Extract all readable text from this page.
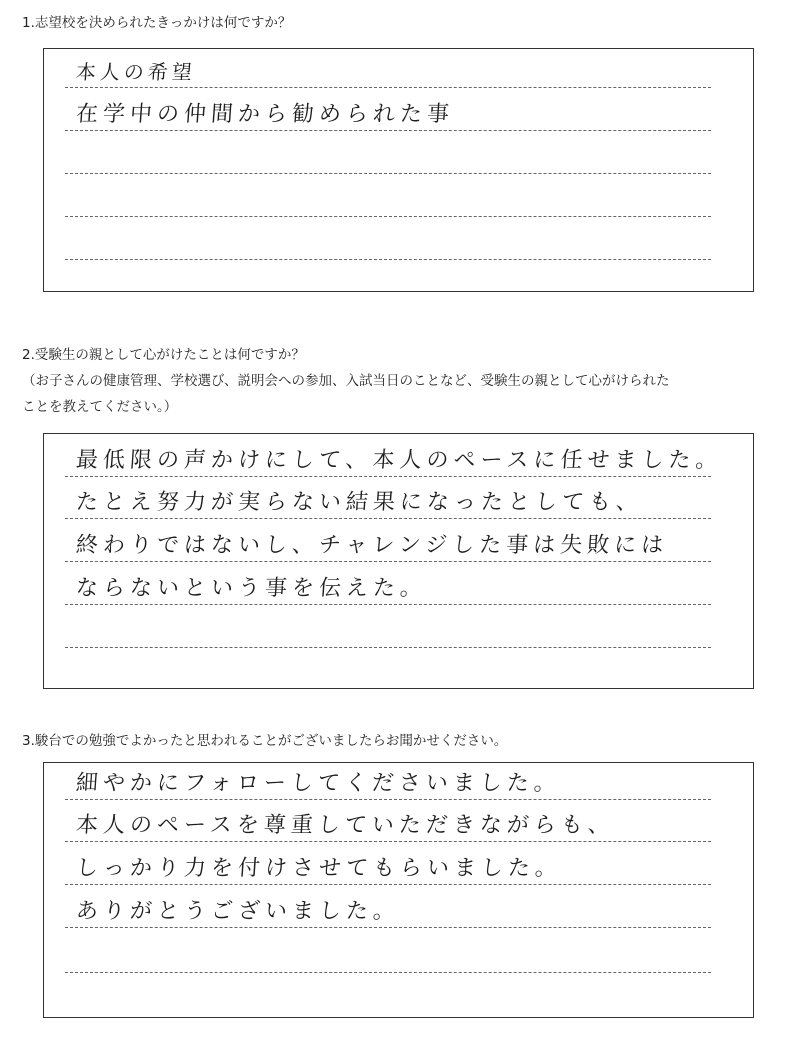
1.志望校を決められたきっかけは何ですか？
本人の希望
在学中の仲間から勧められた事
2.受験生の親として心がけたことは何ですか？
（お子さんの健康管理、学校選び、説明会への参加、入試当日のことなど、受験生の親として心がけられた
ことを教えてください。）
最低限の声かけにして、本人のペースに任せました。
たとえ努力が実らない結果になったとしても、
終わりではないし、チャレンジした事は失敗には
ならないという事を伝えた。
3.駿台での勉強でよかったと思われることがございましたらお聞かせください。
細やかにフォローしてくださいました。
本人のペースを尊重していただきながらも、
しっかり力を付けさせてもらいました。
ありがとうございました。
